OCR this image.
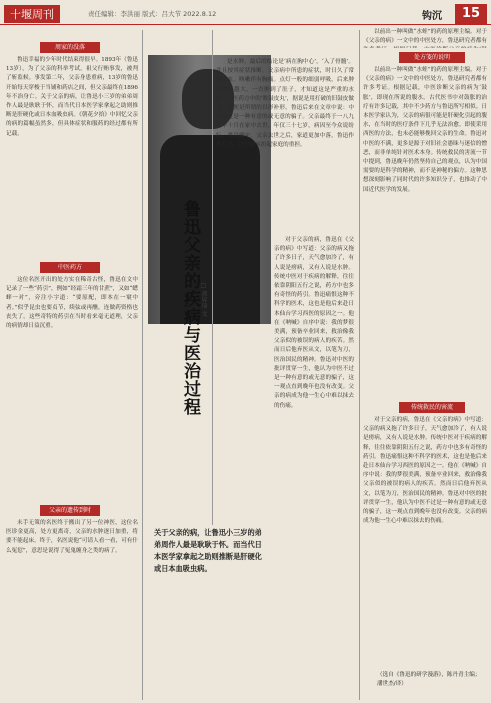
十堰周刊	责任编辑：李洪丽 版式：吕大节 2022.8.12	钩沉	15
周家的没落

鲁迅幸福的少年时代结束得很早。1893年（鲁迅13岁），为了父亲的科举考试，祖父行贿事发，被判了斩监候。事发第二年，父亲身患重病，13岁的鲁迅开始每天穿梭于当铺和药店之间，但父亲最终在1896年不治身亡。关于父亲的病，让鲁迅小三岁的弟弟周作人最是耿耿于怀，而当代日本医学家拿起之助则推断是肝硬化或日本血吸虫病。《朝花夕拾》中回忆父亲的病的篇幅虽然多，但具体症状和服药的经过都有所记载。

中医药方

这位名医开出的处方实在稀奇古怪，鲁迅在文中记录了一些“药引”，例如“经霜三年的甘蔗”，又如“蟋蟀一对”，旁注小字道：“要原配，即本在一窠中者。”似乎昆虫也要贞节，续弦或再醮，连做药资格也丧失了。这些奇特的药引在当时看来毫无道理，父亲的病情却日益沉重。

父亲的遗传到时

未手无策的名医终于搬出了另一位神医，这位名医诊金更高，处方更离奇，父亲的水肿逐日加重，将要不能起床。终于，名医说他“可请人看一看，可有什么冤愆”，意思是说得了冤鬼缠身之类的病了。

鲁迅父亲的疾病与医治过程 □ 郭昇琦 文
关于父亲的病，让鲁迅小三岁的弟弟周作人最是耿耿于怀。而当代日本医学家拿起之助则推断是肝硬化或日本血吸虫病。

是水肿，最后的结论是‘病在胸中心’，‘入了骨髓’。并且按其症状推断，父亲病中所患的症状，时日久了常有出血，咳嗽伴有胸痛。点灯一般的细弱呼吸，后来肿的越来越大，一直肿到了肚子，才知道这是严重的水肿。中医药方中的‘败鼓皮丸’，据说是用打破的旧鼓皮做成，这便是所谓的以形补形。鲁迅后来在文章中说：中医不过是一种有意的或无意的骗子。父亲最终于一八九六年十月在家中去世，年仅三十七岁，病因至今众说纷纭，难以确定。父亲去世之后，家道更加中落，鲁迅作为长子，过早地承担起家庭的重担。

对于父亲的病，鲁迅在《父亲的病》中写道：父亲的病又拖了许多日子，天气愈加冷了，有人说是痨病，又有人说是水肿。传统中医对于疾病的解释，往往依靠阴阳五行之说，药方中也多有奇怪的药引。鲁迅痛恨这种不科学的医术，这也是他后来赴日本仙台学习西医的原因之一。他在《呐喊》自序中说：我的梦很美满，预备卒业回来，救治像我父亲似的被误的病人的疾苦。然而日后他弃医从文，以笔为刀，医治国民的精神。鲁迅对中医的批评贯穿一生，他认为中医不过是一种有意的或无意的骗子，这一观点直到晚年也没有改变。父亲的病成为他一生心中难以抹去的伤痛。

处方笺的说明

以前出一种叫做“水蛭”的药的原理主编。对于《父亲的病》一文中的中医处方，鲁迅研究者都有

以前出一种叫做“水蛭”的药的原理主编。对于《父亲的病》一文中的中医处方，鲁迅研究者都有许多考证。根据记载，中医诊断父亲的病为‘鼓胀’，即现在所说的腹水。古代医书中对鼓胀的治疗有许多记载，其中不少药方与鲁迅所写相似。日本医学家认为，父亲的病很可能是肝硬化引起的腹水，在当时的医疗条件下几乎无法治愈。即使采用西医的方法，也未必能够挽回父亲的生命。鲁迅对中医的不满，更多是源于对旧社会愚昧与迷信的憎恶，而非单纯针对医术本身。传统救民的害流一节中提到，鲁迅晚年仍然坚持自己的观点，认为中国需要的是科学的精神，而不是神秘的偏方。这种思想深刻影响了同时代的许多知识分子，也推动了中国近代医学的发展。

传统救民的害流

对于父亲的病，鲁迅在《父亲的病》中写道：父亲的病又拖了许多日子，天气愈加冷了，有人说是痨病，又有人说是水肿。传统中医对于疾病的解释，往往依靠阴阳五行之说，药方中也多有奇怪的药引。鲁迅痛恨这种不科学的医术，这也是他后来赴日本仙台学习西医的原因之一。他在《呐喊》自序中说：我的梦很美满，预备卒业回来，救治像我父亲似的被误的病人的疾苦。然而日后他弃医从文，以笔为刀，医治国民的精神。鲁迅对中医的批评贯穿一生，他认为中医不过是一种有意的或无意的骗子，这一观点直到晚年也没有改变。父亲的病成为他一生心中难以抹去的伤痛。

（选自《鲁迅的研学漫游》，陈丹青主编；潘世杰/译）
